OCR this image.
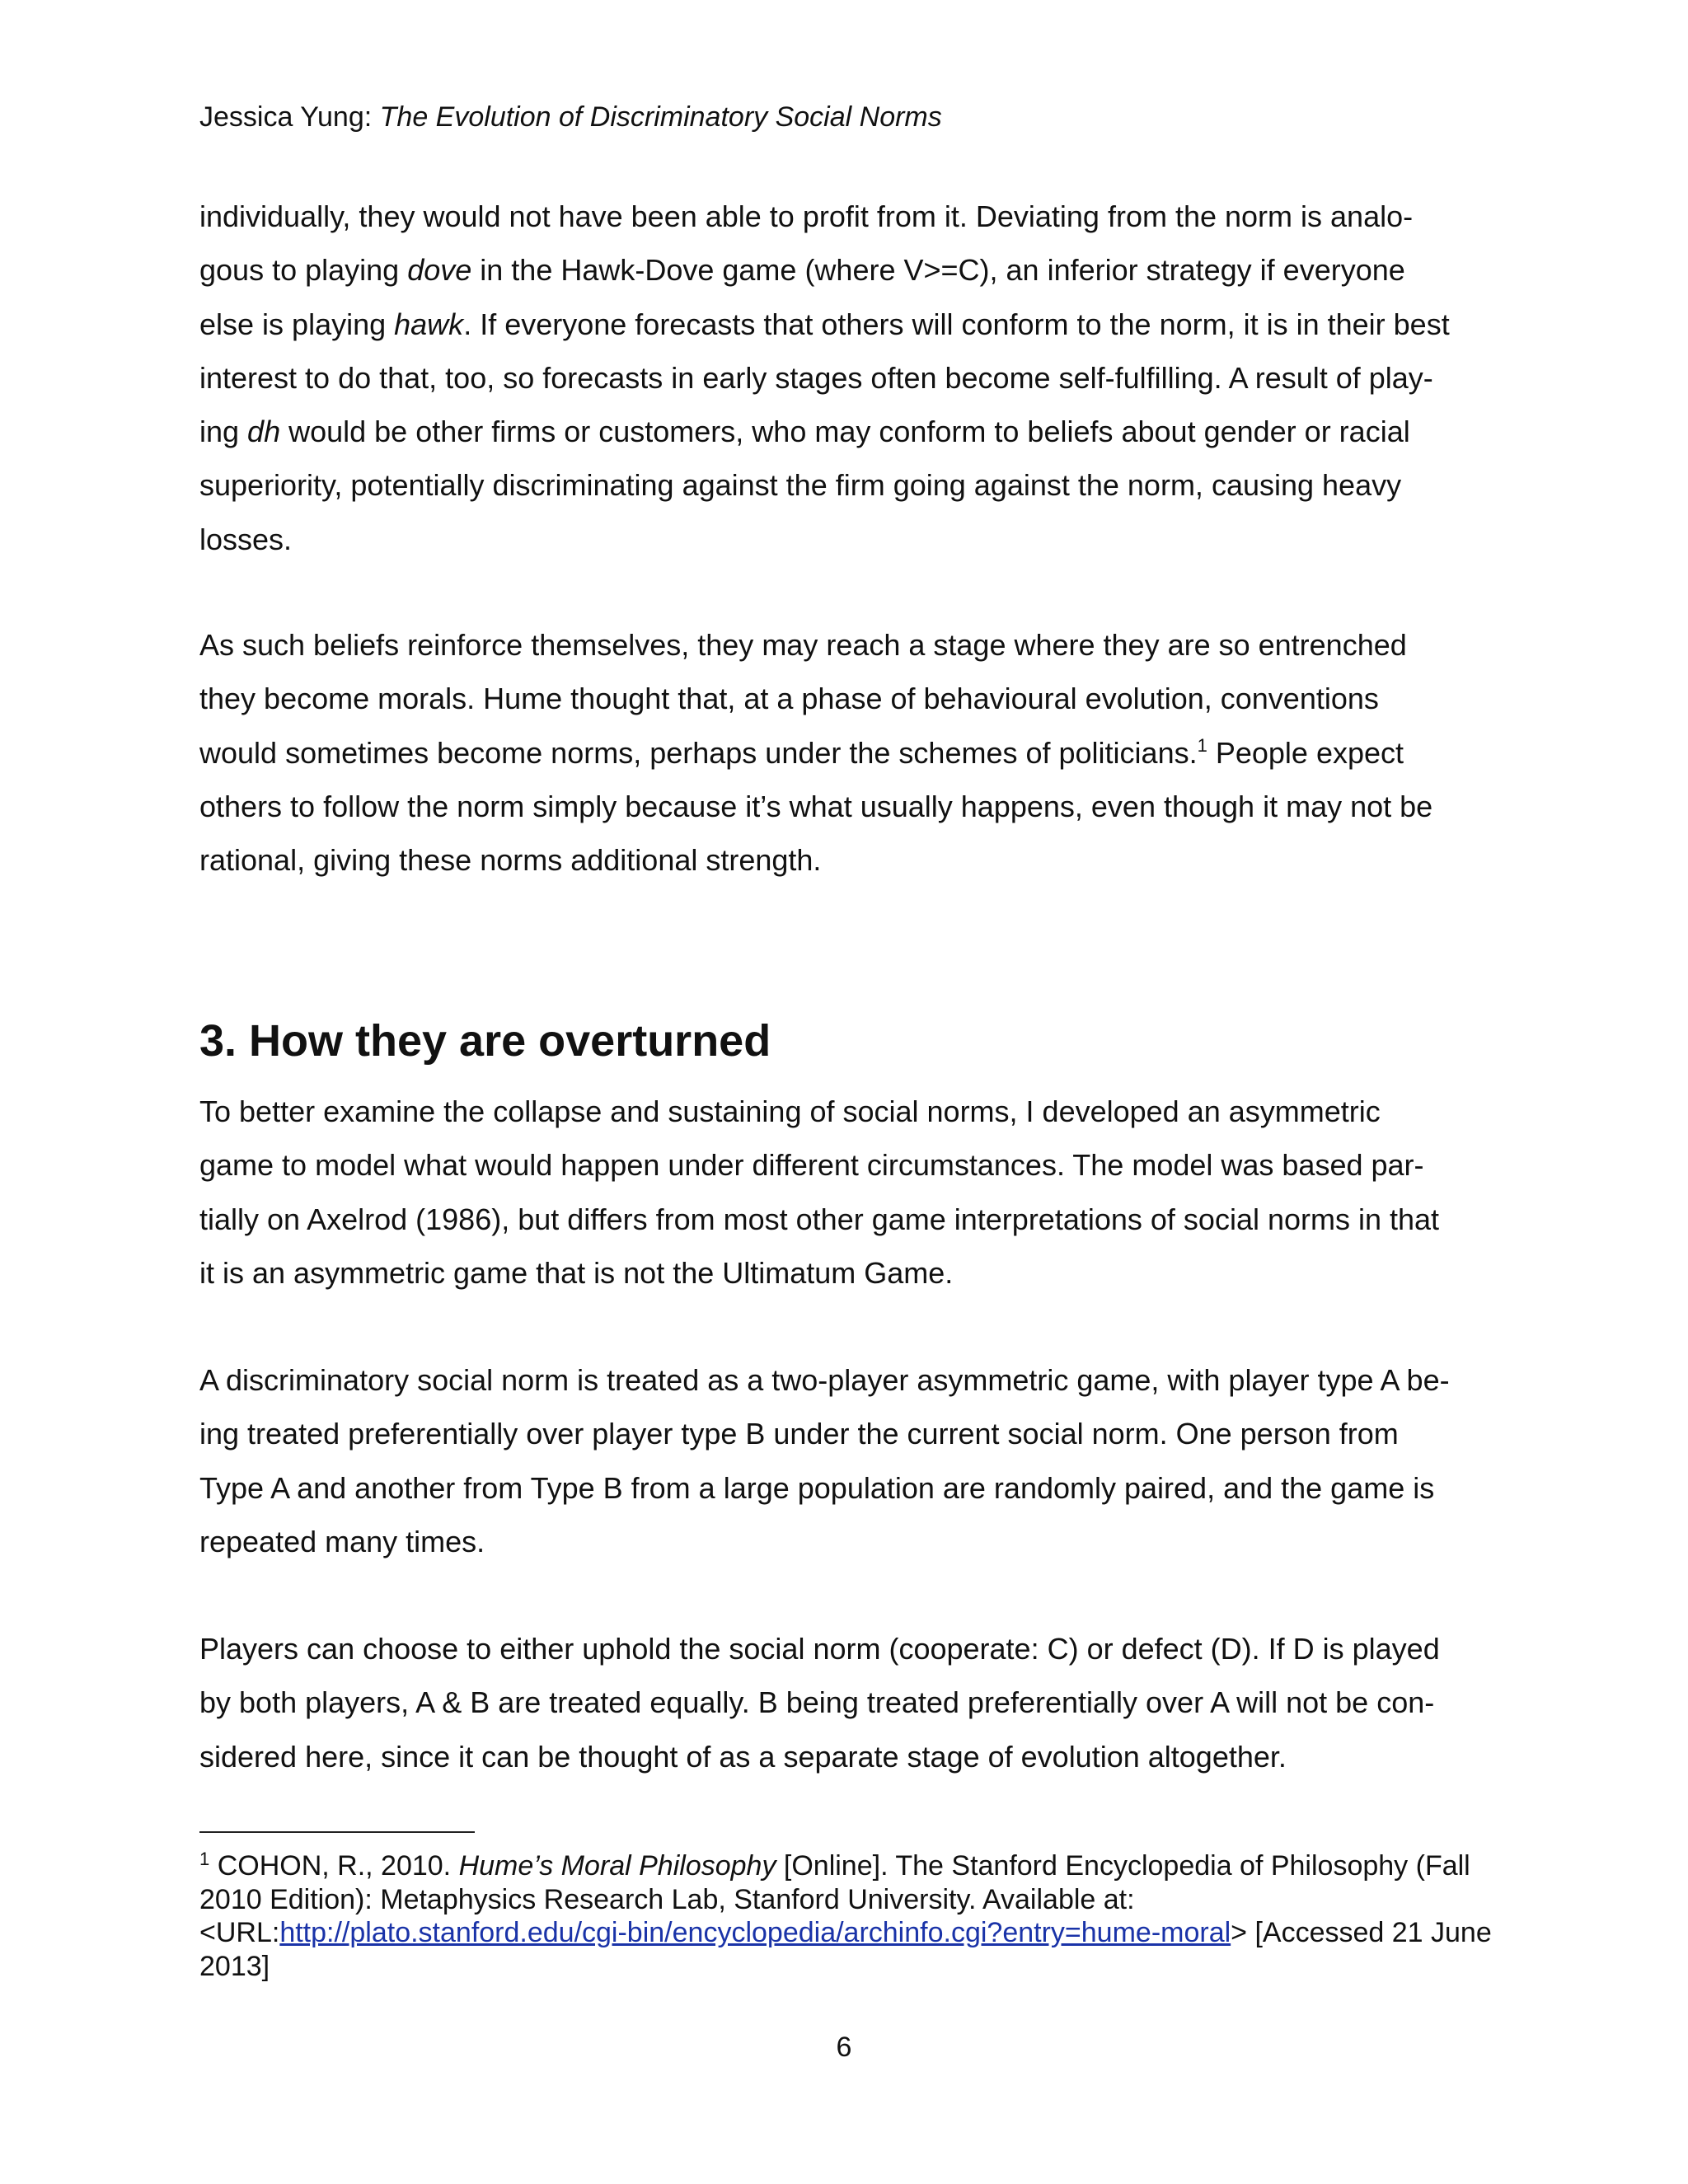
Jessica Yung: The Evolution of Discriminatory Social Norms

individually, they would not have been able to profit from it. Deviating from the norm is analo-
gous to playing dove in the Hawk-Dove game (where V>=C), an inferior strategy if everyone
else is playing hawk. If everyone forecasts that others will conform to the norm, it is in their best
interest to do that, too, so forecasts in early stages often become self-fulfilling. A result of play-
ing dh would be other firms or customers, who may conform to beliefs about gender or racial
superiority, potentially discriminating against the firm going against the norm, causing heavy
losses.

As such beliefs reinforce themselves, they may reach a stage where they are so entrenched
they become morals. Hume thought that, at a phase of behavioural evolution, conventions
would sometimes become norms, perhaps under the schemes of politicians.$^1$ People expect
others to follow the norm simply because it’s what usually happens, even though it may not be
rational, giving these norms additional strength.

3. How they are overturned

To better examine the collapse and sustaining of social norms, I developed an asymmetric
game to model what would happen under different circumstances. The model was based par-
tially on Axelrod (1986), but differs from most other game interpretations of social norms in that
it is an asymmetric game that is not the Ultimatum Game.

A discriminatory social norm is treated as a two-player asymmetric game, with player type A be-
ing treated preferentially over player type B under the current social norm. One person from
Type A and another from Type B from a large population are randomly paired, and the game is
repeated many times.

Players can choose to either uphold the social norm (cooperate: C) or defect (D). If D is played
by both players, A & B are treated equally. B being treated preferentially over A will not be con-
sidered here, since it can be thought of as a separate stage of evolution altogether.

$^1$ COHON, R., 2010. Hume’s Moral Philosophy [Online]. The Stanford Encyclopedia of Philosophy (Fall 2010 Edition): Metaphysics Research Lab, Stanford University. Available at: <URL:http://plato.stanford.edu/cgi-bin/encyclopedia/archinfo.cgi?entry=hume-moral> [Accessed 21 June 2013]

6
